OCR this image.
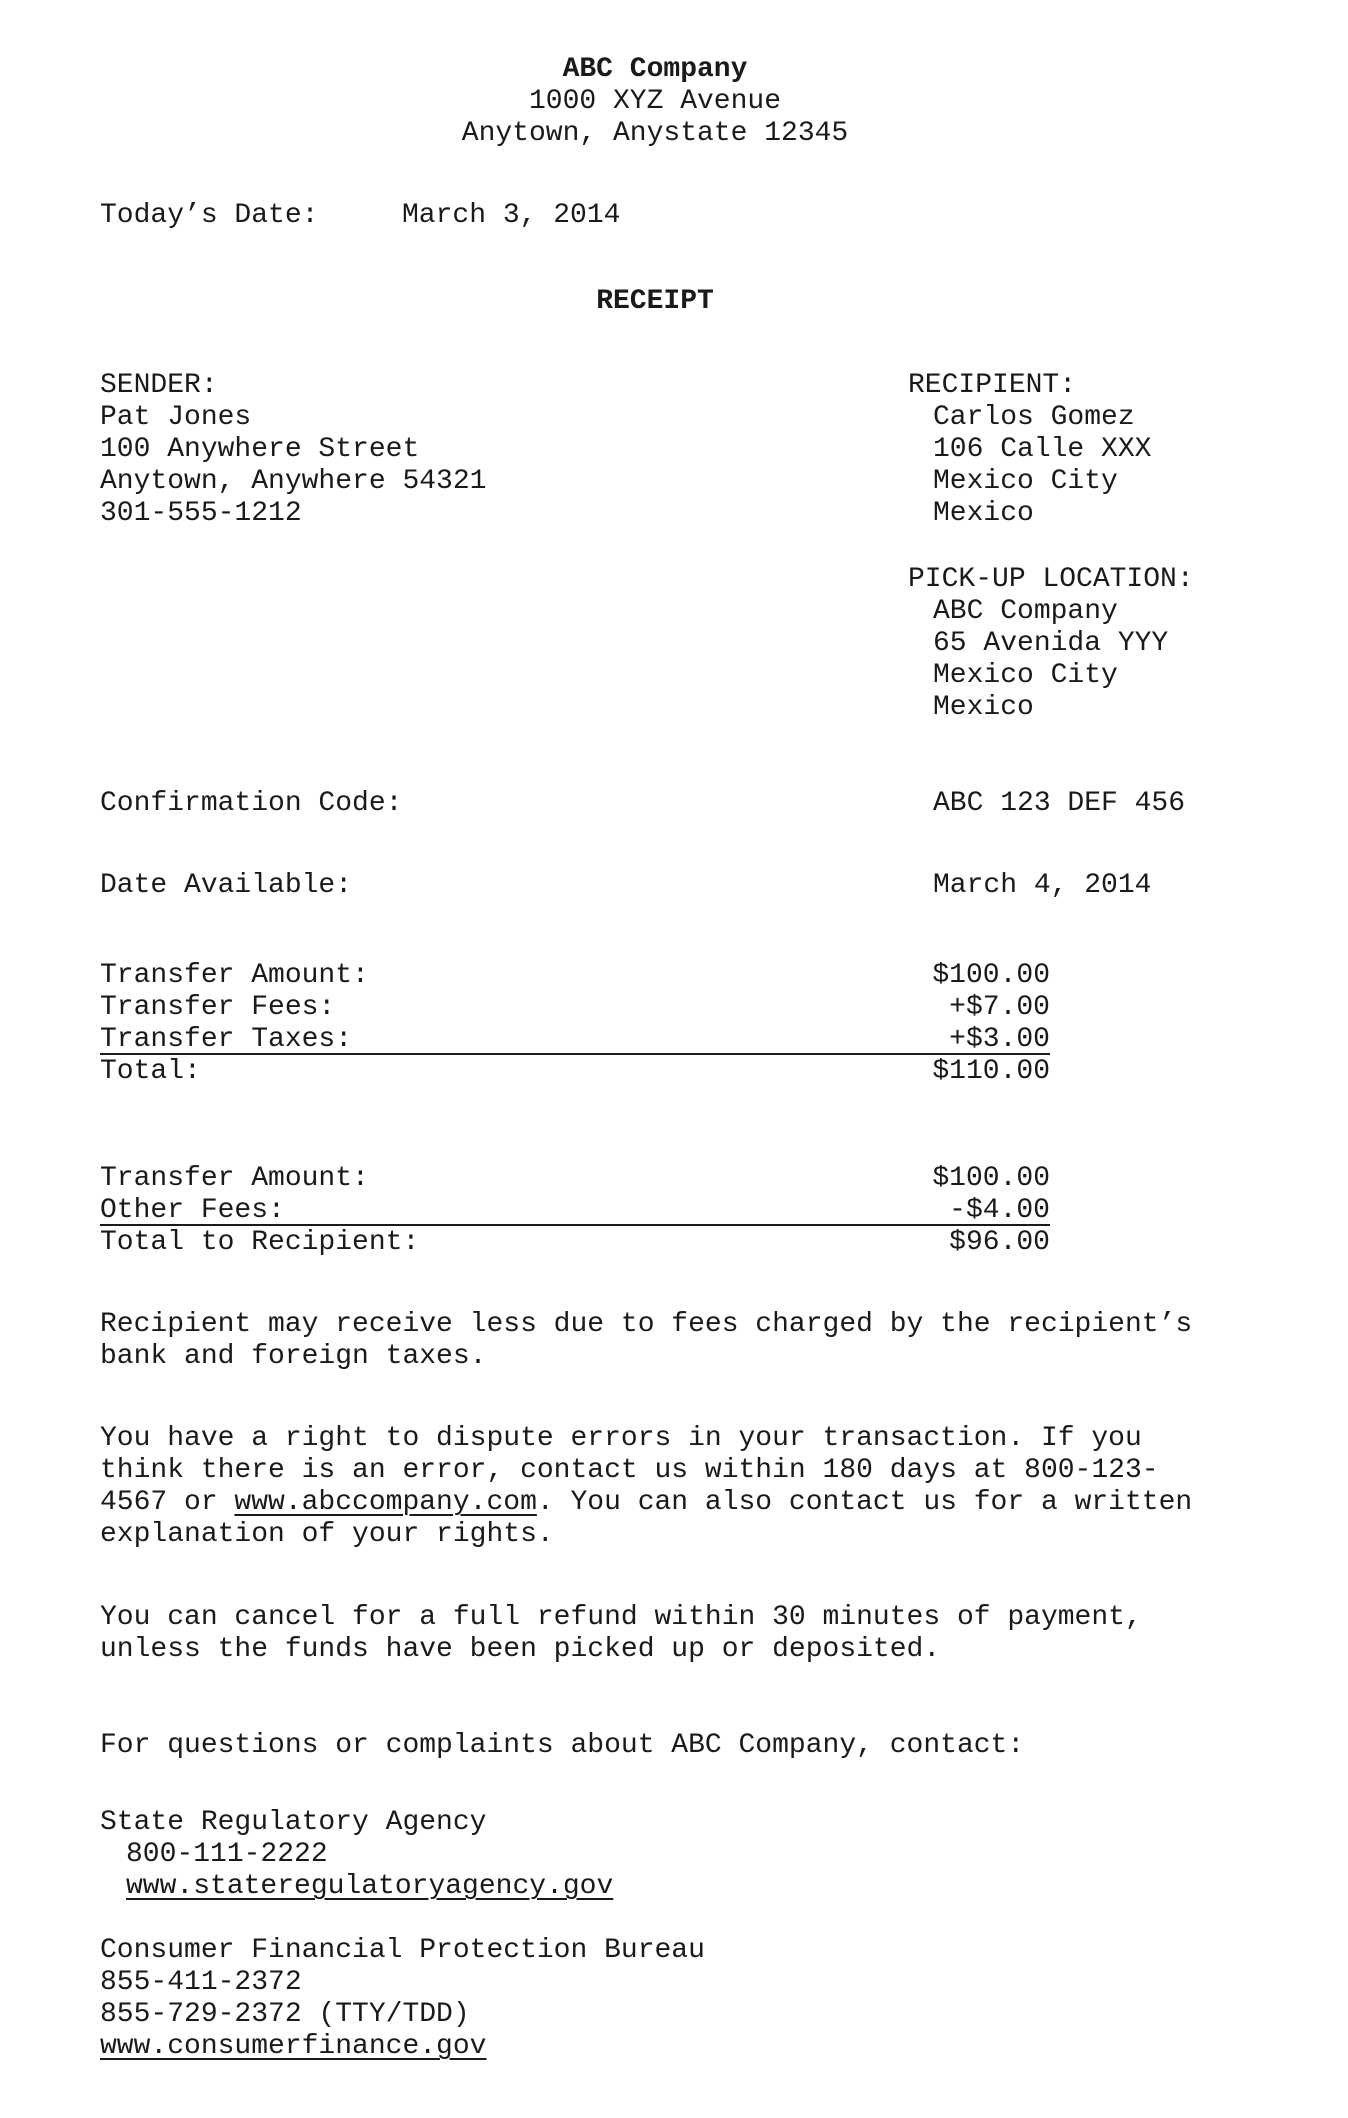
ABC Company
1000 XYZ Avenue
Anytown, Anystate 12345
Today’s Date:	March 3, 2014
RECEIPT
SENDER:
Pat Jones
100 Anywhere Street
Anytown, Anywhere 54321
301-555-1212
RECIPIENT:
Carlos Gomez
106 Calle XXX
Mexico City
Mexico
PICK-UP LOCATION:
ABC Company
65 Avenida YYY
Mexico City
Mexico
Confirmation Code:	ABC 123 DEF 456
Date Available:	March 4, 2014
Transfer Amount:	$100.00
Transfer Fees:	+$7.00
Transfer Taxes:	+$3.00
Total:	$110.00
Transfer Amount:	$100.00
Other Fees:	-$4.00
Total to Recipient:	$96.00
Recipient may receive less due to fees charged by the recipient’s
bank and foreign taxes.
You have a right to dispute errors in your transaction. If you
think there is an error, contact us within 180 days at 800-123-
4567 or www.abccompany.com. You can also contact us for a written
explanation of your rights.
You can cancel for a full refund within 30 minutes of payment,
unless the funds have been picked up or deposited.
For questions or complaints about ABC Company, contact:
State Regulatory Agency
800-111-2222
www.stateregulatoryagency.gov
Consumer Financial Protection Bureau
855-411-2372
855-729-2372 (TTY/TDD)
www.consumerfinance.gov
